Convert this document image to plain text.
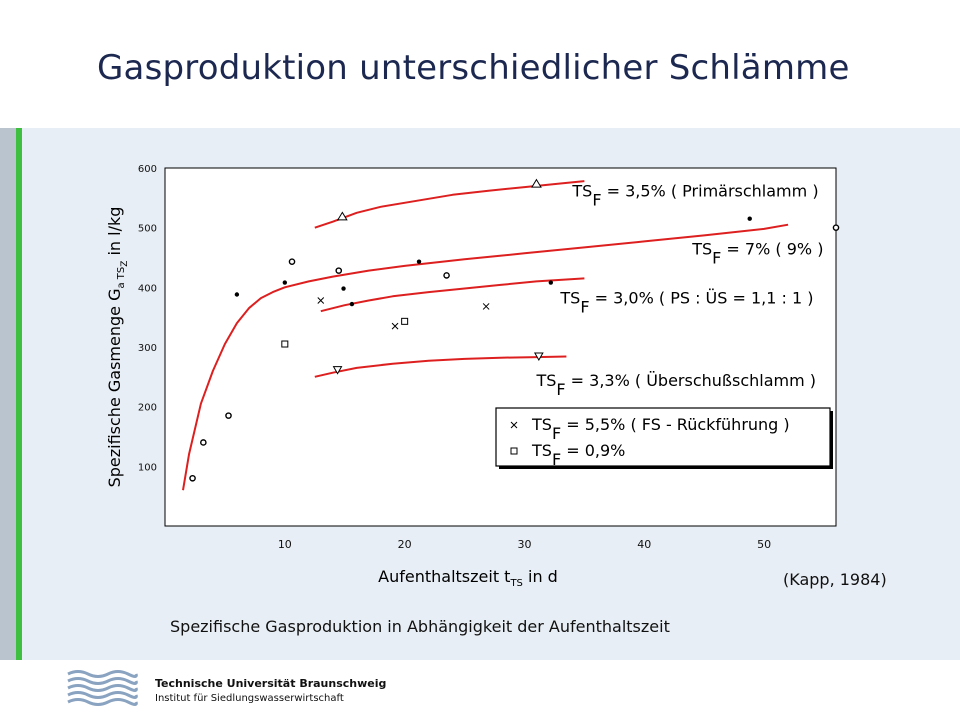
Gasproduktion unterschiedlicher Schlämme
100
200
300
400
500
600
10	20	30	40	50
TSF = 3,5% ( Primärschlamm )
TSF = 7% ( 9% )
TSF = 3,0% ( PS : ÜS = 1,1 : 1 )
TSF = 3,3% ( Überschußschlamm )
TSF = 5,5% ( FS - Rückführung )
TSF = 0,9%
Aufenthaltszeit $t_{TS}$ in d
Spezifische Gasmenge $G_{a TS}Z$ in l/kg
(Kapp, 1984)
Spezifische Gasproduktion in Abhängigkeit der Aufenthaltszeit
Technische Universität Braunschweig
Institut für Siedlungswasserwirtschaft
